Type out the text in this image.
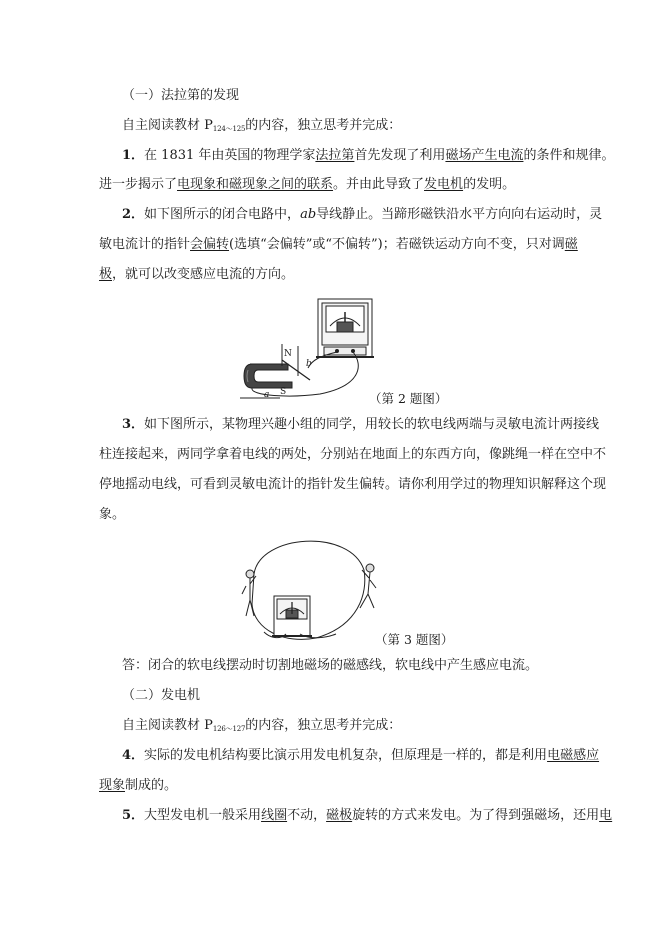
（一）法拉第的发现
自主阅读教材 $P_{124\sim 125}$的内容，独立思考并完成：
1．在 1831 年由英国的物理学家法拉第首先发现了利用磁场产生电流的条件和规律。
进一步揭示了电现象和磁现象之间的联系。并由此导致了发电机的发明。
2．如下图所示的闭合电路中，ab导线静止。当蹄形磁铁沿水平方向向右运动时，灵
敏电流计的指针会偏转(选填“会偏转”或“不偏转”)；若磁铁运动方向不变，只对调磁
极，就可以改变感应电流的方向。
N
S
a
b
（第 2 题图）
3．如下图所示，某物理兴趣小组的同学，用较长的软电线两端与灵敏电流计两接线
柱连接起来，两同学拿着电线的两处，分别站在地面上的东西方向，像跳绳一样在空中不
停地摇动电线，可看到灵敏电流计的指针发生偏转。请你利用学过的物理知识解释这个现
象。
（第 3 题图）
答：闭合的软电线摆动时切割地磁场的磁感线，软电线中产生感应电流。
（二）发电机
自主阅读教材 $P_{126\sim 127}$的内容，独立思考并完成：
4．实际的发电机结构要比演示用发电机复杂，但原理是一样的，都是利用电磁感应
现象制成的。
5．大型发电机一般采用线圈不动，磁极旋转的方式来发电。为了得到强磁场，还用电
